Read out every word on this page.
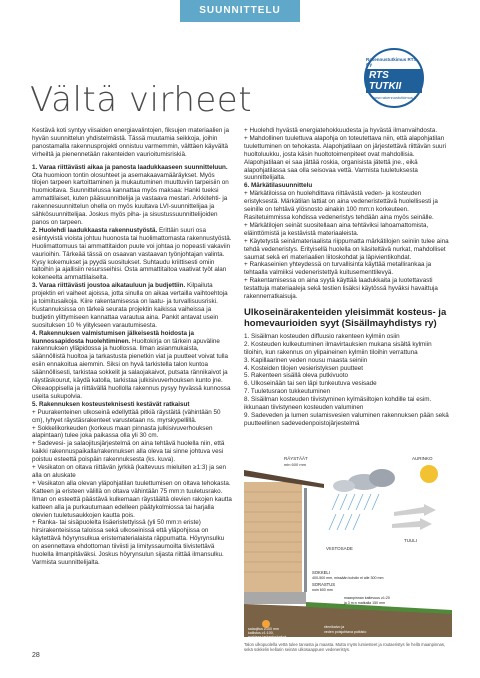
SUUNNITTELU
Vältä virheet
Rakennustutkimus RTS Oy
RTS TUTKII
www.rakennustutkimus.fi

Kestävä koti syntyy viisaiden energiavalintojen, fiksujen materiaalien ja hyvän suunnittelun yhdistelmästä. Tässä muutamia seikkoja, joihin panostamalla rakennusprojekti onnistuu varmemmin, välttäen käyvältä virheiltä ja pienennetään rakenteiden vaurioitumisriskiä.

1. Varaa riittävästi aikaa ja panosta laadukkaaseen suunnitteluun. Ota huomioon tontin olosuhteet ja asemakaavamääräykset. Myös tilojen tarpeen kartoittaminen ja mukautuminen muuttuviin tarpeisiin on huomioitava. Suunnittelussa kannattaa myös maksaa: Hanki tueksi ammattilaiset, kuten pääsuunnittelija ja vastaava mestari. Arkkitehti- ja rakennesuunnittelun ohella on myös kuultava LVI-suunnittelijaa ja sähkösuunnittelijaa. Joskus myös piha- ja sisustussuunnittelijoiden panos on tarpeen.
2. Huolehdi laadukkaasta rakennustyöstä. Erittäin suuri osa esiintyvistä vioista johtuu huonosta tai huolimattomasta rakennustyöstä. Huolimattomuus tai ammattitaidon puute voi johtaa jo nopeasti vakaviin vaurioihin. Tärkeää tässä on osaavan vastaavan työnjohtajan valinta. Kysy kokemukset ja pyydä suositukset. Suhtaudu kriittisesti omiin taitoihin ja ajallisiin resursseihisi. Osta ammattitaitoa vaativat työt alan kokeneelta ammattilaiselta.
3. Varaa riittävästi joustoa aikatauluun ja budjettiin. Kilpailuta projektin eri vaiheet ajoissa, jotta sinulla on aikaa vertailla vaihtoehtoja ja toimitusaikoja. Kiire rakentamisessa on laatu- ja turvallisuusriski. Kustannuksissa on tärkeä seurata projektin kaikissa vaiheissa ja budjetin ylittymiseen kannattaa varautua aina. Pankit antavat usein suosituksen 10 % ylitykseen varautumisesta.
4. Rakennuksen valmistumisen jälkeisestä hoidosta ja kunnossapidosta huolehtiminen. Huoltokirja on tärkein apuväline rakennuksen ylläpidossa ja huollossa. Ilman asianmukaista, säännöllistä huoltoa ja tarkastusta pienetkin viat ja puutteet voivat tulla esiin ennakoitua aiemmin. Siksi on hyvä tarkistella talon kuntoa säännöllisesti, tarkistaa sokkelit ja salaojakaivot, putsata rännikaivot ja räystäskourut, käydä katolla, tarkistaa julkisivuverhouksen kunto jne. Oikeaoppisella ja riittävällä huollolla rakennus pysyy hyvässä kunnossa useita sukupolvia.
5. Rakennuksen kosteusteknisesti kestävät ratkaisut
+ Puurakenteinen ulkoseinä edellyttää pitkiä räystäitä (vähintään 50 cm), lyhyet räystäsrakenteet varustetaan ns. myrskypellillä.
+ Sokkelikorkeuden (korkeus maan pinnasta julkisivuverhouksen alapintaan) tulee joka paikassa olla yli 30 cm.
+ Sadevesi- ja salaojitusjärjestelmä on aina tehtävä huolella niin, että kaikki rakennuspaikalla/rakennuksen alla oleva tai sinne johtuva vesi poistuu esteettä poispäin rakennuksesta (ks. kuva).
+ Vesikaton on oltava riittävän jyrkkä (kaltevuus mieluiten ≥1:3) ja sen alla on aluskate
+ Vesikaton alla olevan yläpohjatilan tuulettumisen on oltava tehokasta. Katteen ja eristeen välillä on oltava vähintään 75 mm:n tuuletusrako. Ilman on esteettä päästävä kulkemaan räystäältä olevien rakojen kautta katteen alla ja purkautumaan edelleen päätykolmiossa tai harjalla olevien tuuletusaukkojen kautta pois.
+ Ranka- tai sisäpuolelta lisäeristettyissä (yli 50 mm:n eriste) hirsirakenteisissa taloissa sekä ulkoseinissä että yläpohjissa on käytettävä höyrynsulkua eristematerialaista räppumatta. Höyrynsulku on asennettava ehdottoman tiiviisti ja limityssaumoilta tiivistettävä huolella ilmanpitäväksi. Joskus höyrynsulun sijasta riittää ilmansulku. Varmista suunnittelijalta.

+ Huolehdi hyvästä energiatehokkuudesta ja hyvästä ilmanvaihdosta.

+ Mahdollinen tuulettuva alapohja on toteutettava niin, että alapohjatilan tuulettuminen on tehokasta. Alapohjatilaan on järjestettävä riittävän suuri huoltoluukku, josta käsin huoltotoimenpiteet ovat mahdollisia. Alapohjatilaan ei saa jättää roskia, organisista jätettä jne., eikä alapohjatilassa saa olla seisovaa vettä. Varmista tuuletuksesta suunnittelijalta.

6. Märkätilasuunnittelu

+ Märkätiloissa on huolehdittava riittävästä veden- ja kosteuden eristyksestä. Märkätilan lattiat on aina vedeneristettävä huolellisesti ja seinille on tehtävä ylösnosto ainakin 100 mm:n korkeuteen. Rasitetuimmissa kohdissa vedeneristys tehdään aina myös seinälle.

+ Märkätilojen seinät suositellaan aina tehtäviksi lahoamattomista, eläinttömistä ja kestävistä materiaaleista.

+ Käytetystä seinämateriaalista riippumatta märkätilojen seiniin tulee aina tehdä vedeneristys. Erityisellä huolella on käsiteltävä nurkat, mahdolliset saumat sekä eri materiaalien liitoskohdat ja läpivientikohdat.

+ Rankaseinien yhteydessä on turvallisinta käyttää metallirankaa ja tehtaalla valmiiksi vedeneristettyä kuitusementtilevyä.

+ Rakentamisessa on aina syytä käyttää laadukkaita ja luotettavasti testattuja materiaaleja sekä testien lisäksi käytössä hyväksi havaittuja rakennerratkaisuja.

Ulkoseinärakenteiden yleisimmät kosteus- ja homevaurioiden syyt (Sisäilmayhdistys ry)

1. Sisäilman kosteuden diffuusio rakenteen kylmiin osiin

2. Kosteuden kulkeutuminen ilmavirtauksien mukana sisältä kylmiin tiloihin, kun rakennus on ylipaineinen kylmiin tiloihin verrattuna

3. Kapillaarinen veden nousu maasta seiniin

4. Kosteiden tilojen vesieristyksen puutteet

5. Rakenteen sisällä oleva putkivuoto

6. Ulkoseinään tai sen läpi tunkeutuva vesisade

7. Tuuletusraon tukkeutuminen

8. Sisäilman kosteuden tiivistyminen kylmäsiltojen kohdille tai esim. ikkunaan tiivistyneen kosteuden valuminen

9. Sadeveden ja lumen sulamisvesien valuminen rakennuksen pään sekä puutteellinen sadevedenpoistojärjestelmä

AURINKO
TUULI
VIISTOSADE
RÄYSTÄÄT
min 600 mm
SOKKELI
400-500 mm, missään kohdin ei alle 300 mm
SORASTUS
noin 600 mm
maanpinnan kaltevuus ≥1:20
ja 3 m:n matkalla 150 mm
salaojitus ≥100 mm
kallistus ≥1:100,
nurkissa tarkastuskaivot
rännikaivo ja
veden poisjohtava putkisto

Talon ulkopuolella vettä tulee tarvasta ja maasta. Mutta myös lumiesteet ja routaeristys lie hellä maanpinnas, sekä sokkelin kellarin seinän ulkosaappuen vedeneristys.

28
